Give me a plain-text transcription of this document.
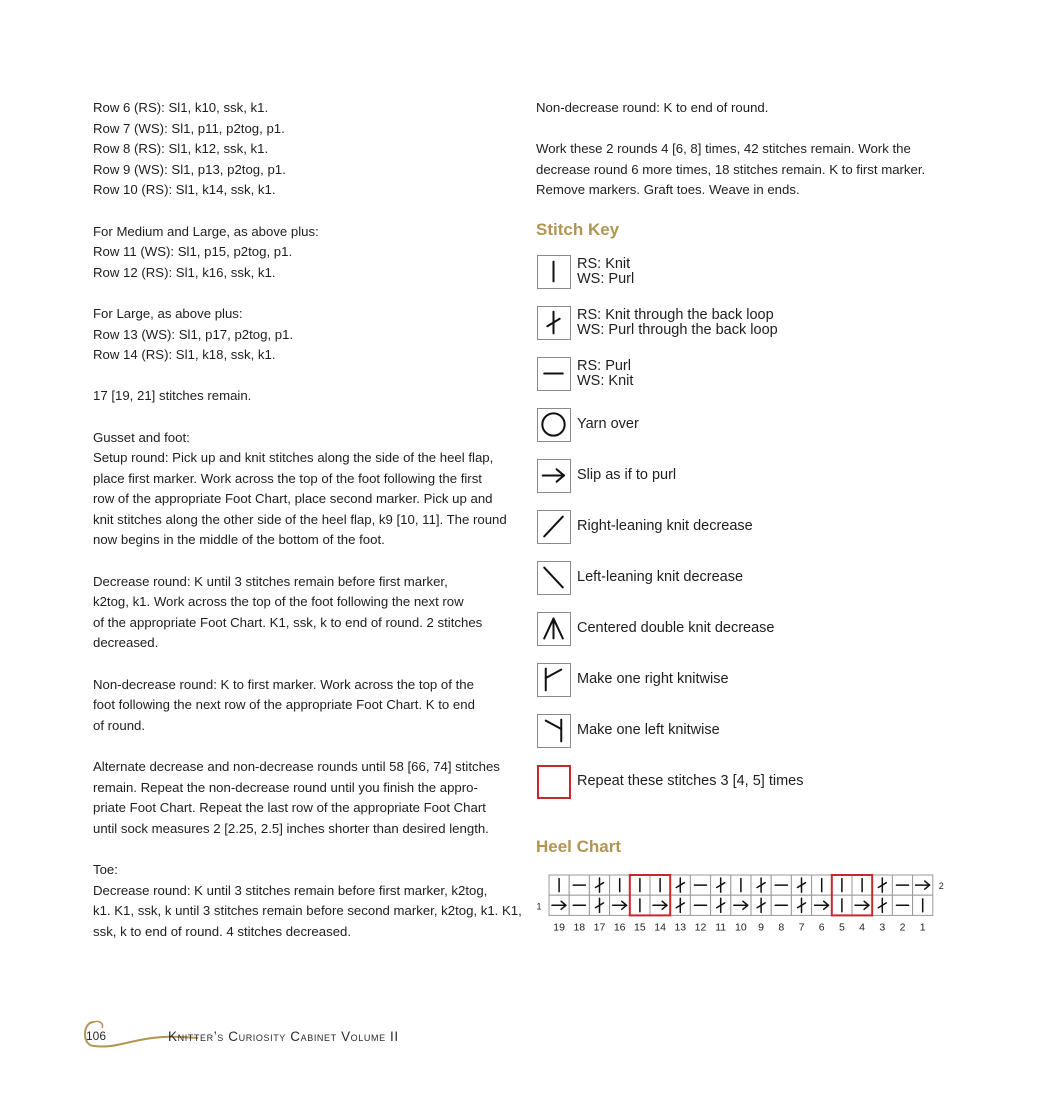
Row 6 (RS): Sl1, k10, ssk, k1.
Row 7 (WS): Sl1, p11, p2tog, p1.
Row 8 (RS): Sl1, k12, ssk, k1.
Row 9 (WS): Sl1, p13, p2tog, p1.
Row 10 (RS): Sl1, k14, ssk, k1.
For Medium and Large, as above plus:
Row 11 (WS): Sl1, p15, p2tog, p1.
Row 12 (RS): Sl1, k16, ssk, k1.
For Large, as above plus:
Row 13 (WS): Sl1, p17, p2tog, p1.
Row 14 (RS): Sl1, k18, ssk, k1.
17 [19, 21] stitches remain.
Gusset and foot:
Setup round: Pick up and knit stitches along the side of the heel flap,
place first marker. Work across the top of the foot following the first
row of the appropriate Foot Chart, place second marker. Pick up and
knit stitches along the other side of the heel flap, k9 [10, 11]. The round
now begins in the middle of the bottom of the foot.
Decrease round: K until 3 stitches remain before first marker,
k2tog, k1. Work across the top of the foot following the next row
of the appropriate Foot Chart. K1, ssk, k to end of round. 2 stitches
decreased.
Non-decrease round: K to first marker. Work across the top of the
foot following the next row of the appropriate Foot Chart. K to end
of round.
Alternate decrease and non-decrease rounds until 58 [66, 74] stitches
remain. Repeat the non-decrease round until you finish the appro-
priate Foot Chart. Repeat the last row of the appropriate Foot Chart
until sock measures 2 [2.25, 2.5] inches shorter than desired length.
Toe:
Decrease round: K until 3 stitches remain before first marker, k2tog,
k1. K1, ssk, k until 3 stitches remain before second marker, k2tog, k1. K1,
ssk, k to end of round. 4 stitches decreased.
Non-decrease round: K to end of round.
Work these 2 rounds 4 [6, 8] times, 42 stitches remain. Work the
decrease round 6 more times, 18 stitches remain. K to first marker.
Remove markers. Graft toes. Weave in ends.
Stitch Key
RS: Knit
WS: Purl
RS: Knit through the back loop
WS: Purl through the back loop
RS: Purl
WS: Knit
Yarn over
Slip as if to purl
Right-leaning knit decrease
Left-leaning knit decrease
Centered double knit decrease
Make one right knitwise
Make one left knitwise
Repeat these stitches 3 [4, 5] times
Heel Chart
2
1
19 18 17 16 15 14 13 12 11 10 9 8 7 6 5 4 3 2 1
106	Knitter’s Curiosity Cabinet Volume II
